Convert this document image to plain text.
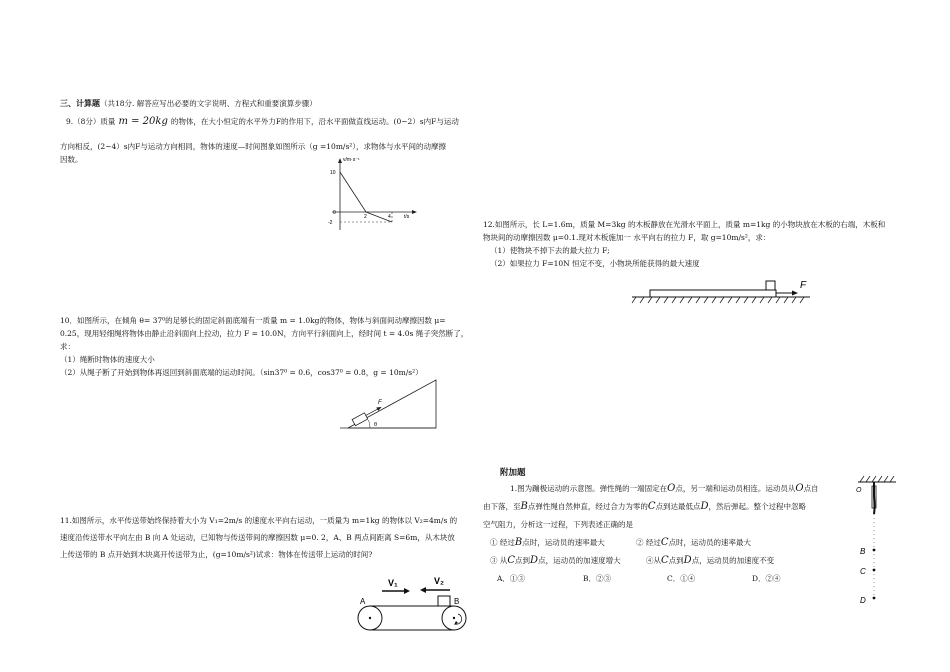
三、计算题（共18分. 解答应写出必要的文字说明、方程式和重要演算步骤）
9.（8分）质量 m = 20kg 的物体，在大小恒定的水平外力F的作用下，沿水平面做直线运动。(0~2）s内F与运动
方向相反，(2~4）s内F与运动方向相同，物体的速度—时间图象如图所示（g =10m/s²），求物体与水平间的动摩擦
因数。	v/m·s⁻¹
t/s
10
0
-2
2	4
10．如图所示，在倾角 θ= 37⁰的足够长的固定斜面底端有一质量 m = 1.0kg的物体，物体与斜面间动摩擦因数 μ=
0.25，现用轻细绳将物体由静止沿斜面向上拉动，拉力 F = 10.0N，方向平行斜面向上，经时间 t = 4.0s 绳子突然断了，
求：
（1）绳断时物体的速度大小
（2）从绳子断了开始到物体再返回到斜面底端的运动时间。（sin37⁰ = 0.6，cos37⁰ = 0.8，g = 10m/s²）
F
θ
11.如图所示，水平传送带始终保持着大小为 V₁=2m/s 的速度水平向右运动，一质量为 m=1kg 的物体以 V₂=4m/s 的
速度沿传送带水平向左由 B 向 A 处运动，已知物与传送带间的摩擦因数 μ=0. 2，A、B 两点间距离 S=6m，从木块放
上传送带的 B 点开始到木块离开传送带为止，(g=10m/s²)试求：物体在传送带上运动的时间?
V₁	V₂
A	B
12.如图所示，长 L=1.6m，质量 M=3kg 的木板静放在光滑水平面上，质量 m=1kg 的小物块放在木板的右端，木板和
物块间的动摩擦因数 μ=0.1.现对木板施加一 水平向右的拉力 F，取 g=10m/s²，求：
（1）使物块不掉下去的最大拉力 F;
（2）如果拉力 F=10N 恒定不变，小物块所能获得的最大速度
F
附加题
1.图为蹦极运动的示意图。弹性绳的一端固定在O点，另一端和运动员相连。运动员从O点自
由下落，至B点弹性绳自然伸直，经过合力为零的C点到达最低点D，然后弹起。整个过程中忽略
空气阻力，分析这一过程，下列表述正确的是
① 经过B点时，运动员的速率最大	② 经过C点时，运动员的速率最大
③ 从C点到D点，运动员的加速度增大	④从C点到D点，运动员的加速度不变
A．①③	B．②③	C．①④	D．②④
O
B
C
D
